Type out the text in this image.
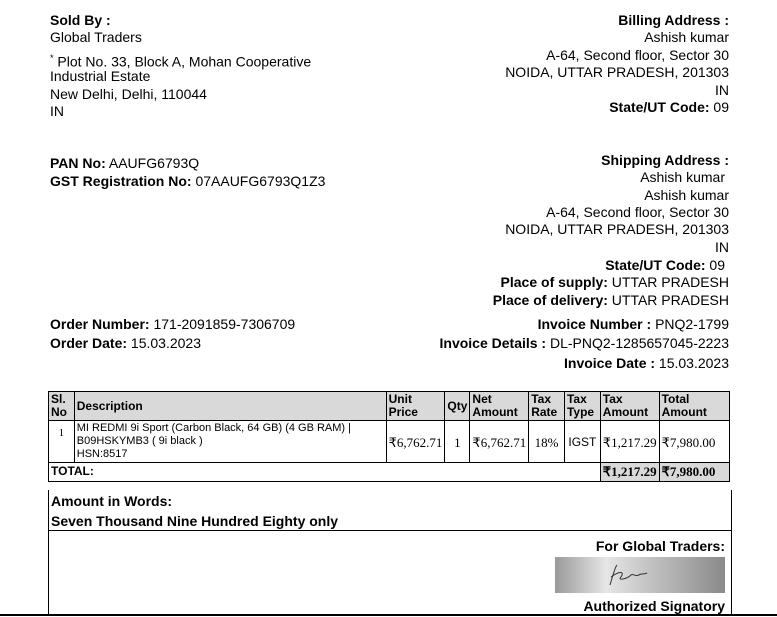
Sold By :
Global Traders
* Plot No. 33, Block A, Mohan Cooperative
Industrial Estate
New Delhi, Delhi, 110044
IN
Billing Address :
Ashish kumar
A-64, Second floor, Sector 30
NOIDA, UTTAR PRADESH, 201303
IN
State/UT Code: 09
PAN No: AAUFG6793Q
GST Registration No: 07AAUFG6793Q1Z3
Shipping Address :
Ashish kumar
Ashish kumar
A-64, Second floor, Sector 30
NOIDA, UTTAR PRADESH, 201303
IN
State/UT Code: 09
Place of supply: UTTAR PRADESH
Place of delivery: UTTAR PRADESH
Order Number: 171-2091859-7306709
Order Date: 15.03.2023
Invoice Number : PNQ2-1799
Invoice Details : DL-PNQ2-1285657045-2223
Invoice Date : 15.03.2023
Sl. No	Description	Unit Price	Qty	Net Amount	Tax Rate	Tax Type	Tax Amount	Total Amount
1	MI REDMI 9i Sport (Carbon Black, 64 GB) (4 GB RAM) |
B09HSKYMB3 ( 9i black )
HSN:8517	₹6,762.71	1	₹6,762.71	18%	IGST	₹1,217.29	₹7,980.00
TOTAL:							₹1,217.29	₹7,980.00
Amount in Words:
Seven Thousand Nine Hundred Eighty only
For Global Traders:
Authorized Signatory
